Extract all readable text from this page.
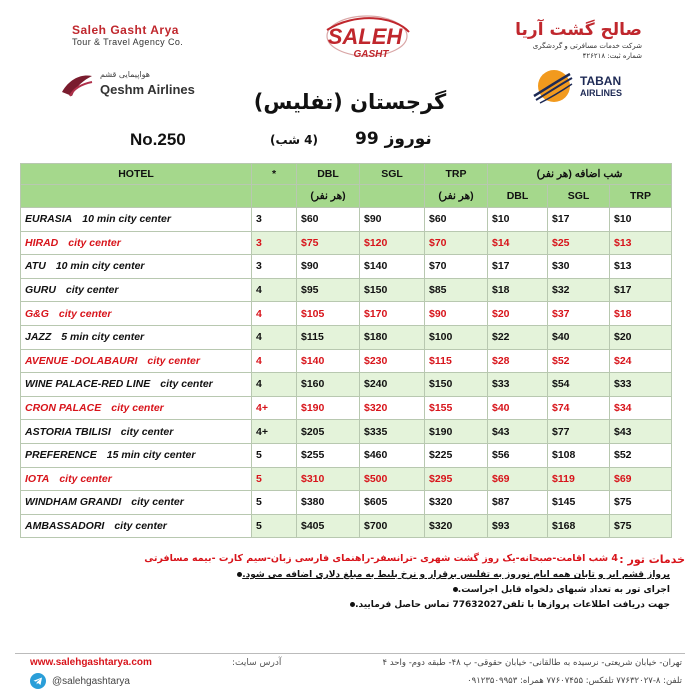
Saleh Gasht Arya
Tour & Travel Agency Co.	SALEH
GASHT
صالح گشت آریا
شرکت خدمات مسافرتی و گردشگری
شماره ثبت: ۴۲۶۲۱۸
هواپیمایی قشم
Qeshm Airlines
TABAN
AIRLINES
گرجستان (تفلیس)
No.250	نوروز 99
(4 شب)
HOTEL	*	DBL	SGL	TRP	شب اضافه (هر نفر)		
		(هر نفر)		(هر نفر)	DBL	SGL	TRP
EURASIA 10 min city center	3	$60	$90	$60	$10	$17	$10
HIRAD city center	3	$75	$120	$70	$14	$25	$13
ATU 10 min city center	3	$90	$140	$70	$17	$30	$13
GURU city center	4	$95	$150	$85	$18	$32	$17
G&G city center	4	$105	$170	$90	$20	$37	$18
JAZZ 5 min city center	4	$115	$180	$100	$22	$40	$20
AVENUE -DOLABAURI city center	4	$140	$230	$115	$28	$52	$24
WINE PALACE-RED LINE city center	4	$160	$240	$150	$33	$54	$33
CRON PALACE city center	4+	$190	$320	$155	$40	$74	$34
ASTORIA TBILISI city center	4+	$205	$335	$190	$43	$77	$43
PREFERENCE 15 min city center	5	$255	$460	$225	$56	$108	$52
IOTA city center	5	$310	$500	$295	$69	$119	$69
WINDHAM GRANDI city center	5	$380	$605	$320	$87	$145	$75
AMBASSADORI city center	5	$405	$700	$320	$93	$168	$75
خدمات تور :
4 شب اقامت-صبحانه-یک روز گشت شهری -ترانسفر-راهنمای فارسی زبان-سیم کارت -بیمه مسافرتی
پرواز قشم ایر و تابان همه ایام نوروز به تفلیس برقرار و نرخ بلیط به مبلغ دلاری اضافه می شود.
اجرای تور به تعداد شبهای دلخواه قابل اجراست.
جهت دریافت اطلاعات پروازها با تلفن77632027 تماس حاصل فرمایید.
www.salehgashtarya.com	آدرس سایت:	تهران- خیابان شریعتی- نرسیده به طالقانی- خیابان حقوقی- پ ۴۸- طبقه دوم- واحد ۴
@salehgashtarya	تلفن: ۸-۷۷۶۳۲۰۲۷ تلفکس: ۷۷۶۰۷۴۵۵ همراه: ۰۹۱۲۳۵۰۹۹۵۳
